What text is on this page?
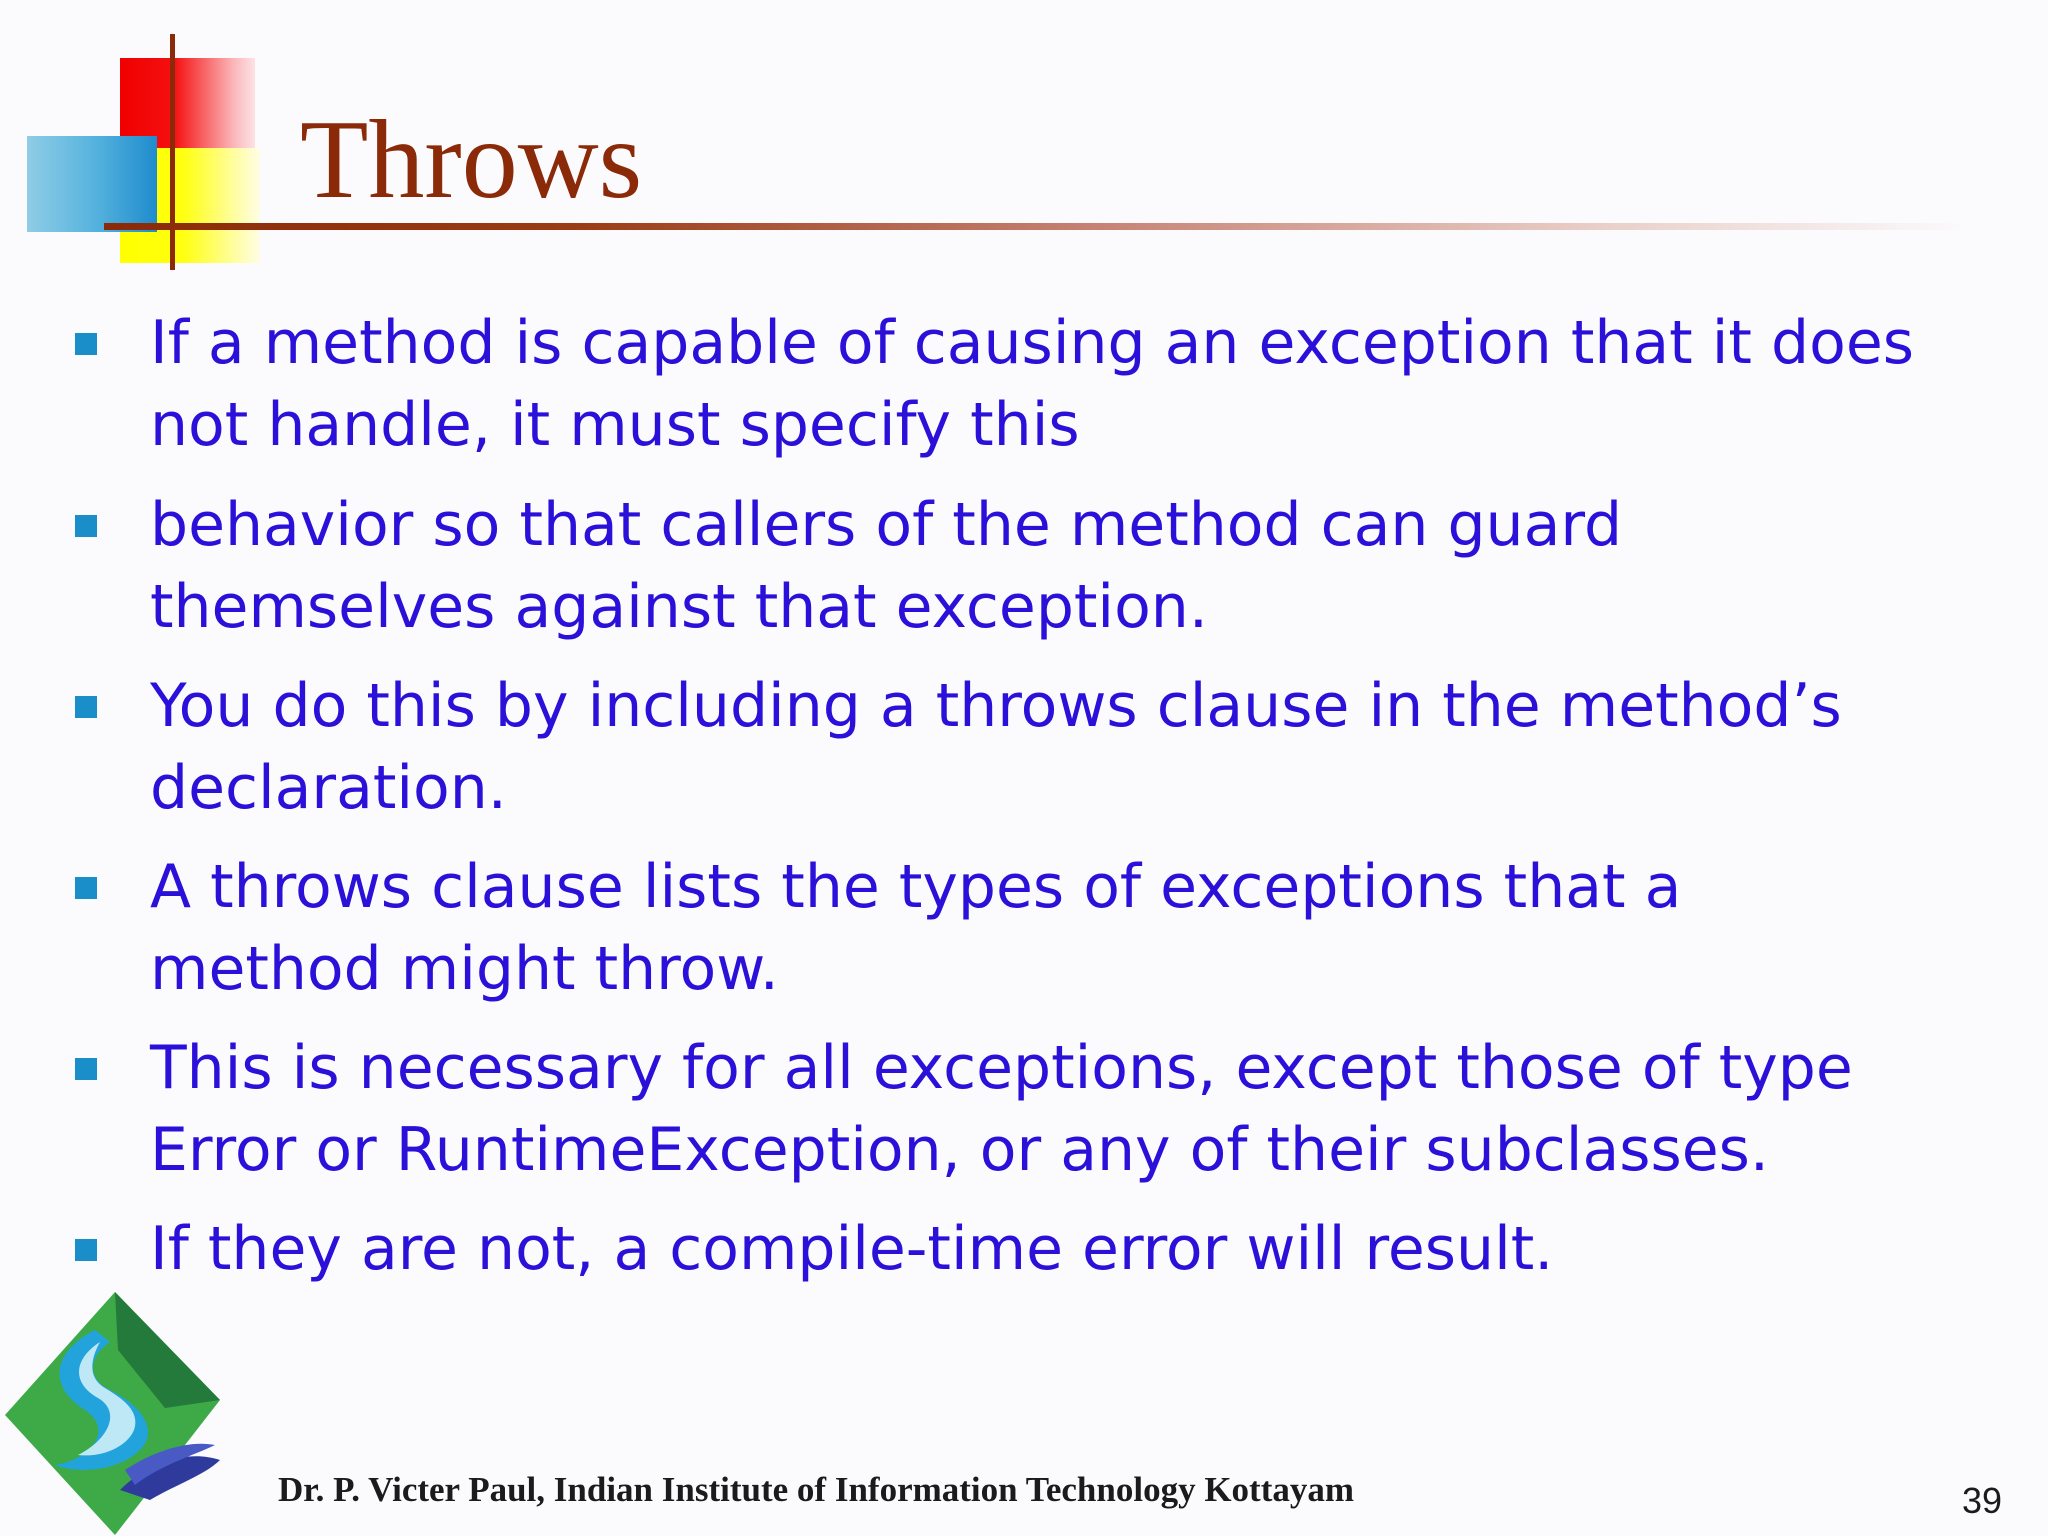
Throws
If a method is capable of causing an exception that it does
not handle, it must specify this
behavior so that callers of the method can guard
themselves against that exception.
You do this by including a throws clause in the method’s
declaration.
A throws clause lists the types of exceptions that a
method might throw.
This is necessary for all exceptions, except those of type
Error or RuntimeException, or any of their subclasses.
If they are not, a compile-time error will result.
Dr. P. Victer Paul, Indian Institute of Information Technology Kottayam	39
